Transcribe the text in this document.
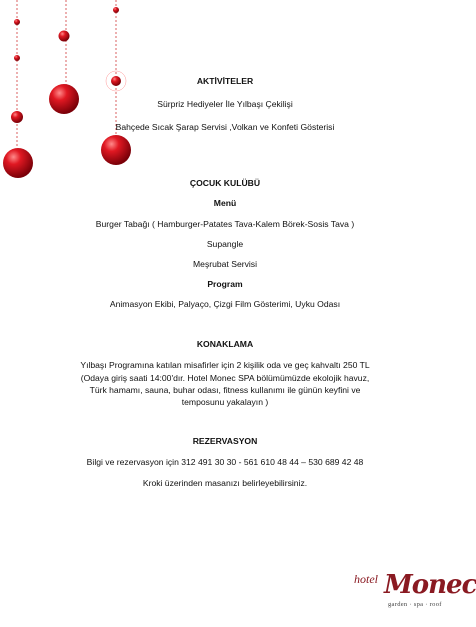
AKTİVİTELER
Sürpriz Hediyeler İle Yılbaşı Çekilişi
Bahçede Sıcak Şarap Servisi ,Volkan ve Konfeti Gösterisi
ÇOCUK KULÜBÜ
Menü
Burger Tabağı ( Hamburger-Patates Tava-Kalem Börek-Sosis Tava )
Supangle
Meşrubat Servisi
Program
Animasyon Ekibi, Palyaço, Çizgi Film Gösterimi, Uyku Odası
KONAKLAMA
Yılbaşı Programına katılan misafirler için 2 kişilik oda ve geç kahvaltı 250 TL
(Odaya giriş saati 14:00'dır. Hotel Monec SPA bölümümüzde ekolojik havuz,
Türk hamamı, sauna, buhar odası, fitness kullanımı ile günün keyfini ve
temposunu yakalayın )
REZERVASYON
Bilgi ve rezervasyon için 312 491 30 30 - 561 610 48 44 – 530 689 42 48
Kroki üzerinden masanızı belirleyebilirsiniz.
hotel Monec
garden · spa · roof
